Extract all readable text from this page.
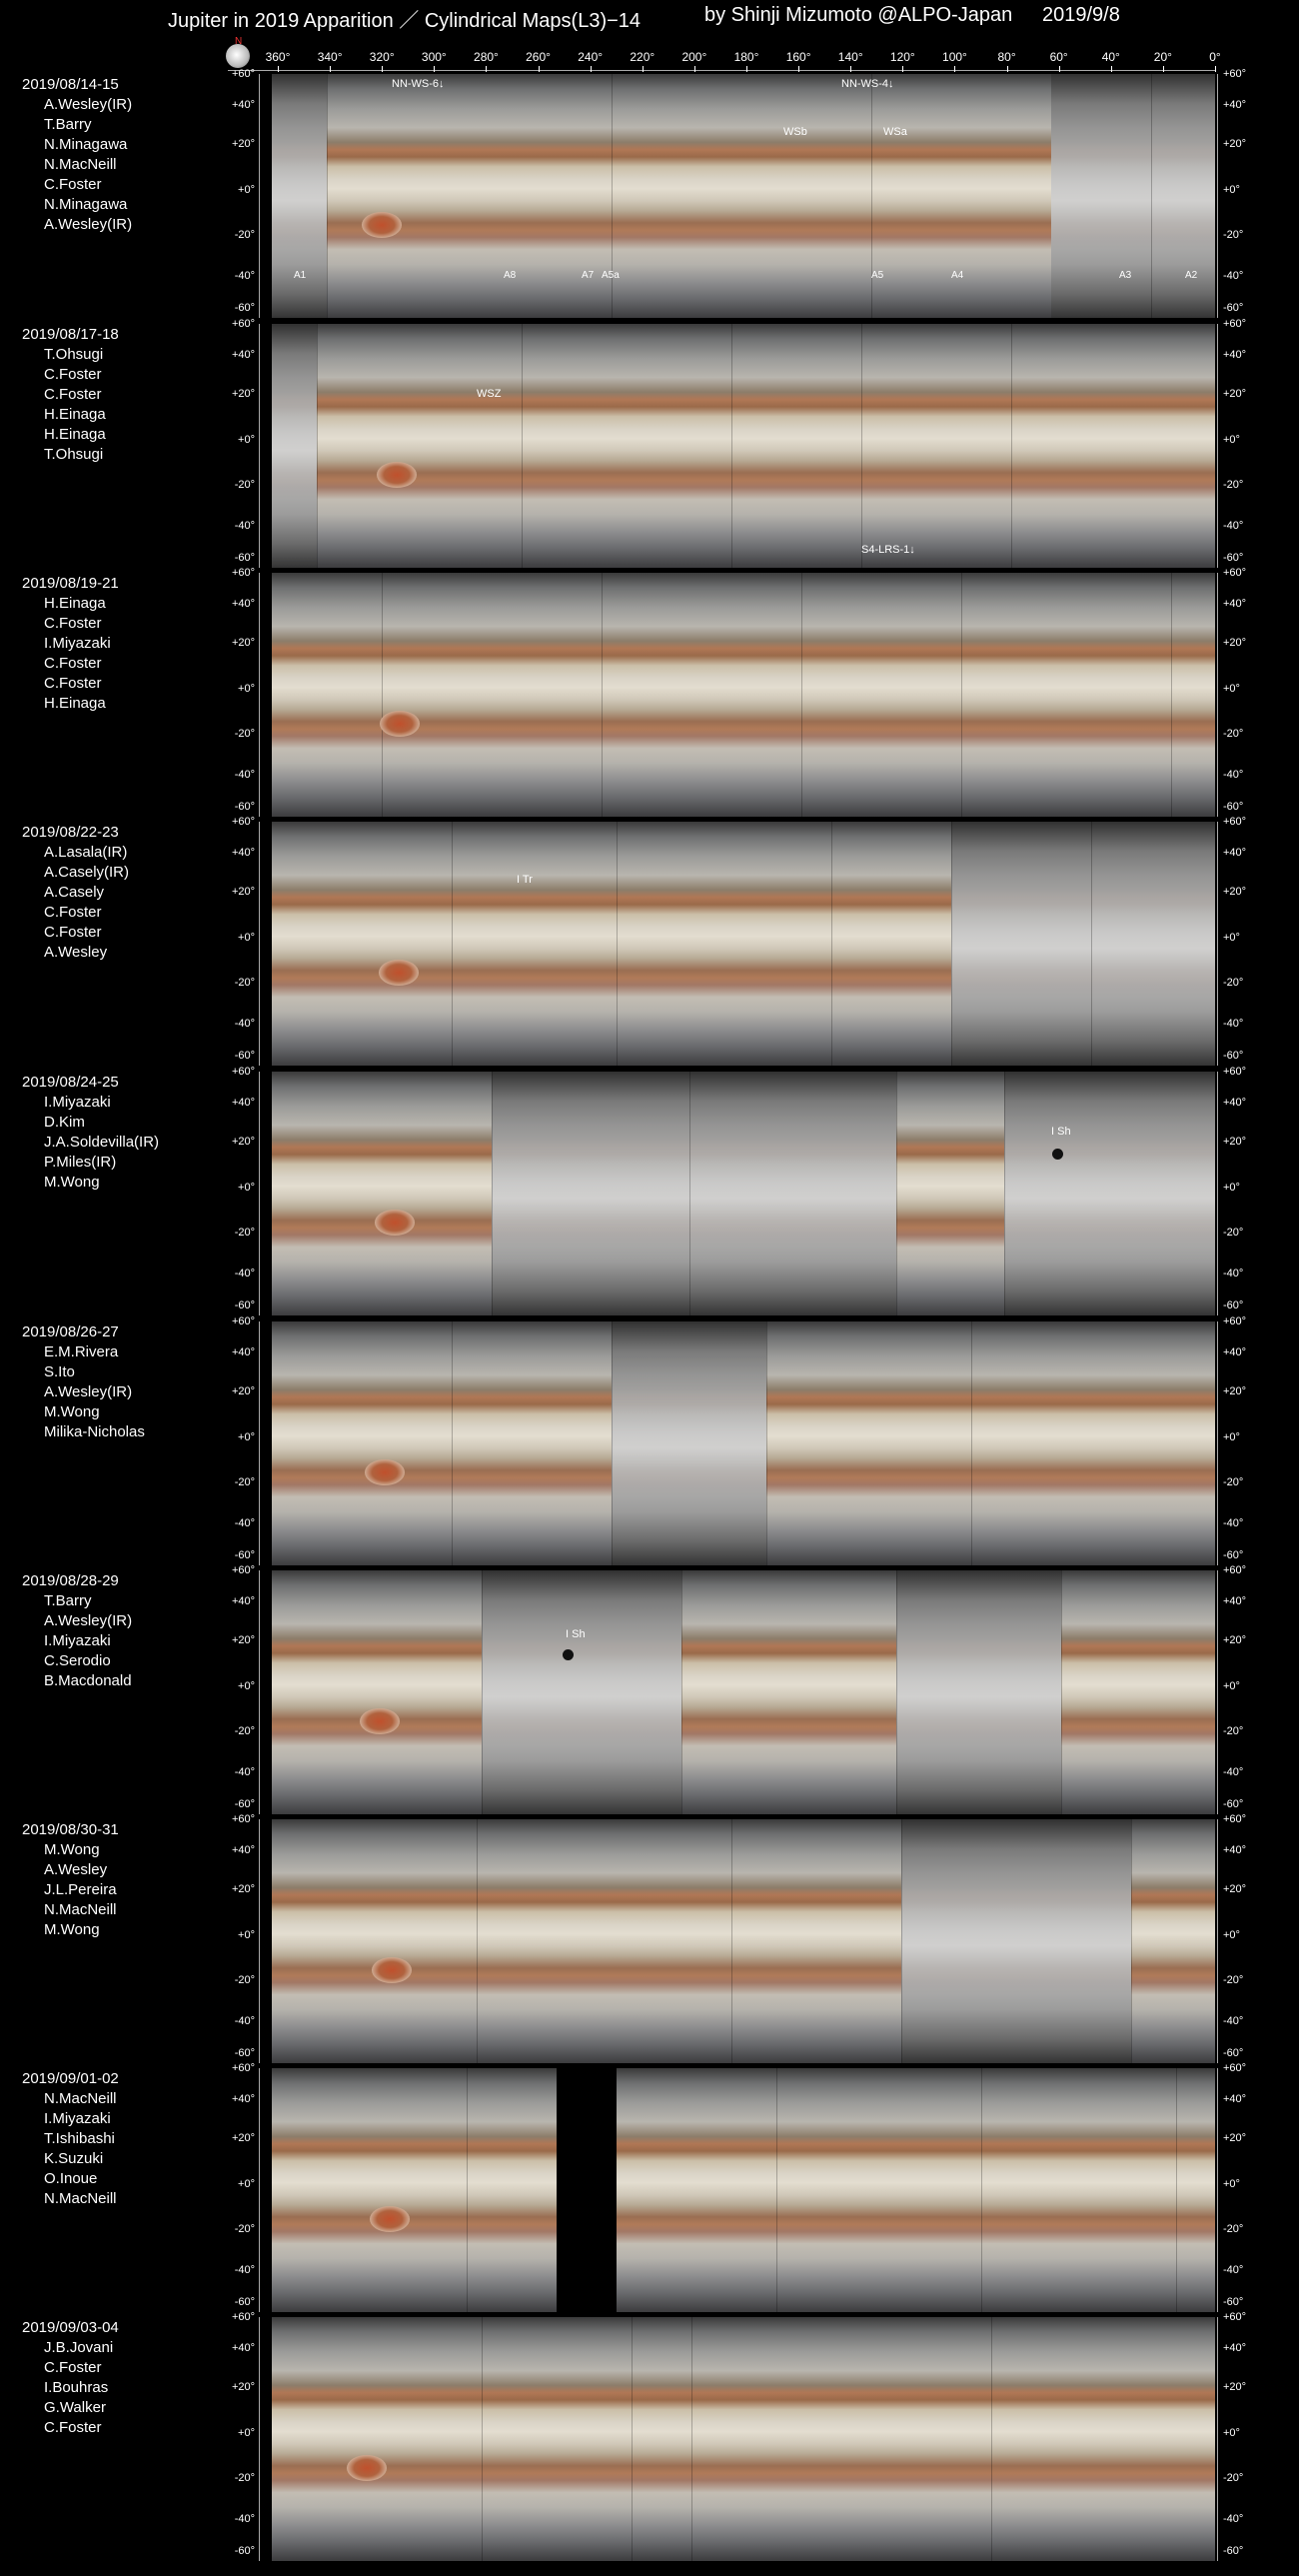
Jupiter in 2019 Apparition ／ Cylindrical Maps(L3)−14	by Shinji Mizumoto @ALPO-Japan 2019/9/8
N
360° 340° 320° 300° 280° 260° 240° 220° 200° 180° 160° 140° 120° 100°	80°	60°	40°	20°	0°
2019/08/14-15
A.Wesley(IR)
T.Barry
N.Minagawa
N.MacNeill
C.Foster
N.Minagawa
A.Wesley(IR)
NN-WS-6↓	NN-WS-4↓
WSb	WSa
A1	A8	A7 A5a	A5	A4	A3	A2
+60°
+40°
+20°
+0°
-20°
-40°
-60°
+60°
+40°
+20°
+0°
-20°
-40°
-60°
2019/08/17-18
T.Ohsugi
C.Foster
C.Foster
H.Einaga
H.Einaga
T.Ohsugi
WSZ
S4-LRS-1↓
+60°
+40°
+20°
+0°
-20°
-40°
-60°
+60°
+40°
+20°
+0°
-20°
-40°
-60°
2019/08/19-21
H.Einaga
C.Foster
I.Miyazaki
C.Foster
C.Foster
H.Einaga
+60°
+40°
+20°
+0°
-20°
-40°
-60°
+60°
+40°
+20°
+0°
-20°
-40°
-60°
2019/08/22-23
A.Lasala(IR)
A.Casely(IR)
A.Casely
C.Foster
C.Foster
A.Wesley
I Tr
+60°
+40°
+20°
+0°
-20°
-40°
-60°
+60°
+40°
+20°
+0°
-20°
-40°
-60°
2019/08/24-25
I.Miyazaki
D.Kim
J.A.Soldevilla(IR)
P.Miles(IR)
M.Wong
I Sh
+60°
+40°
+20°
+0°
-20°
-40°
-60°
+60°
+40°
+20°
+0°
-20°
-40°
-60°
2019/08/26-27
E.M.Rivera
S.Ito
A.Wesley(IR)
M.Wong
Milika-Nicholas
+60°
+40°
+20°
+0°
-20°
-40°
-60°
+60°
+40°
+20°
+0°
-20°
-40°
-60°
2019/08/28-29
T.Barry
A.Wesley(IR)
I.Miyazaki
C.Serodio
B.Macdonald
I Sh
+60°
+40°
+20°
+0°
-20°
-40°
-60°
+60°
+40°
+20°
+0°
-20°
-40°
-60°
2019/08/30-31
M.Wong
A.Wesley
J.L.Pereira
N.MacNeill
M.Wong
+60°
+40°
+20°
+0°
-20°
-40°
-60°
+60°
+40°
+20°
+0°
-20°
-40°
-60°
2019/09/01-02
N.MacNeill
I.Miyazaki
T.Ishibashi
K.Suzuki
O.Inoue
N.MacNeill
+60°
+40°
+20°
+0°
-20°
-40°
-60°
+60°
+40°
+20°
+0°
-20°
-40°
-60°
2019/09/03-04
J.B.Jovani
C.Foster
I.Bouhras
G.Walker
C.Foster
+60°
+40°
+20°
+0°
-20°
-40°
-60°
+60°
+40°
+20°
+0°
-20°
-40°
-60°
